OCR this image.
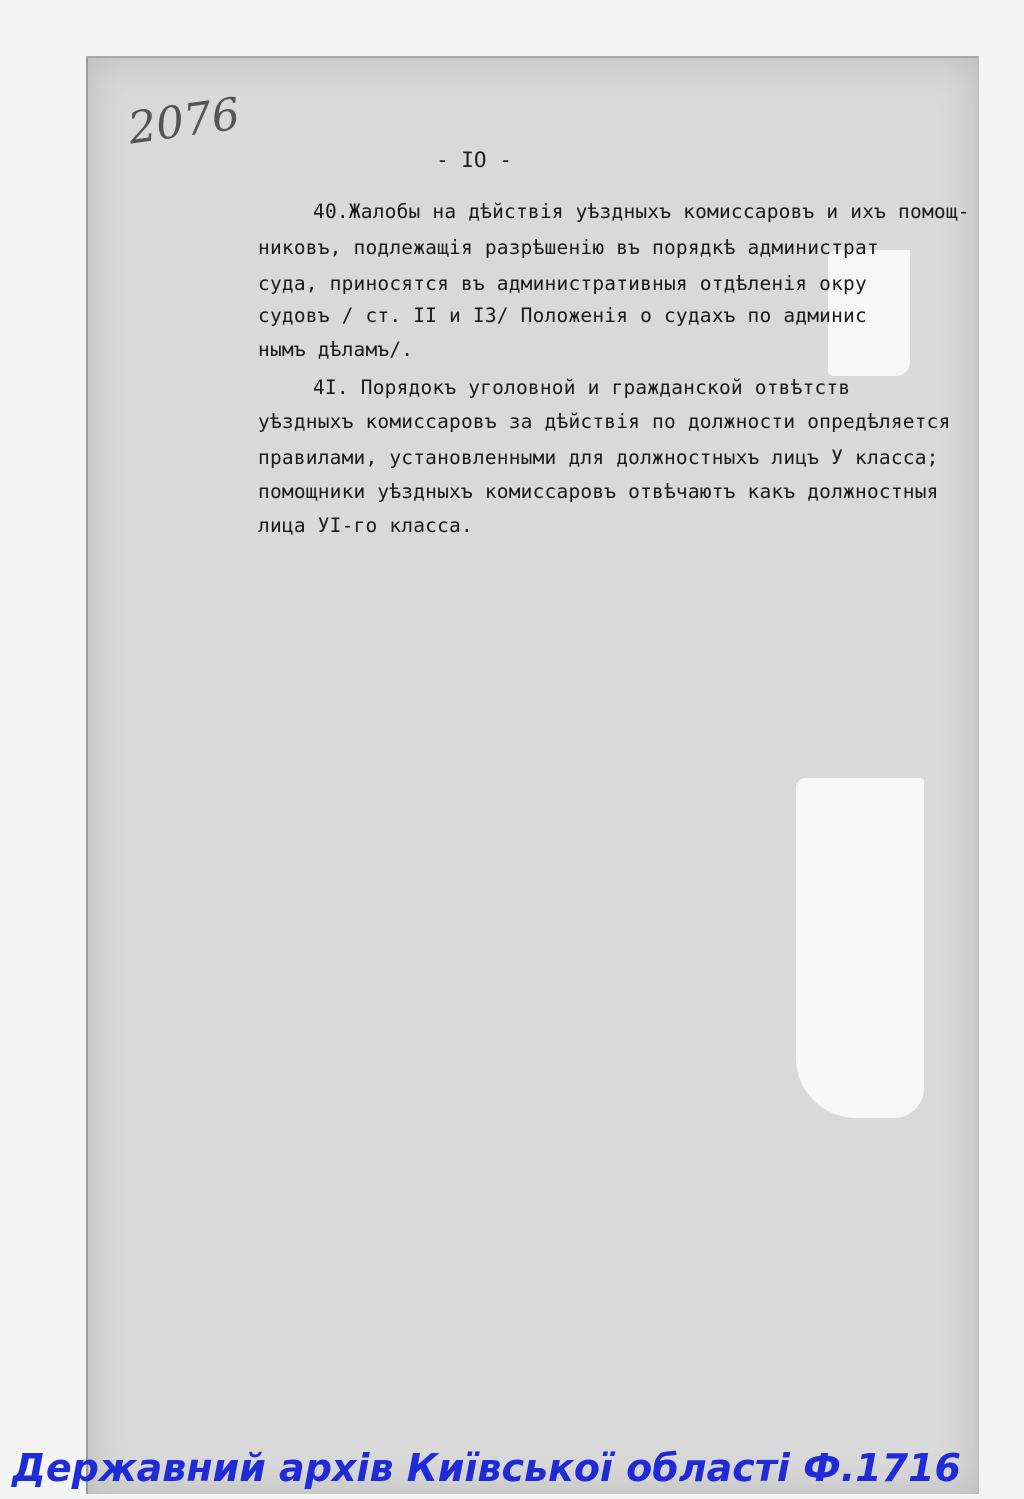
2076
- IO -
40.Жалобы на дѣйствія уѣздныхъ комиссаровъ и ихъ помощ-
никовъ, подлежащія разрѣшенію въ порядкѣ администрат
суда, приносятся въ административныя отдѣленія окру
судовъ / ст. II и I3/ Положенія о судахъ по админис
нымъ дѣламъ/.
4I. Порядокъ уголовной и гражданской отвѣтств
уѣздныхъ комиссаровъ за дѣйствія по должности опредѣляется
правилами, установленными для должностныхъ лицъ У класса;
помощники уѣздныхъ комиссаровъ отвѣчаютъ какъ должностныя
лица УI-го класса.
Державний архів Київської області Ф.1716
